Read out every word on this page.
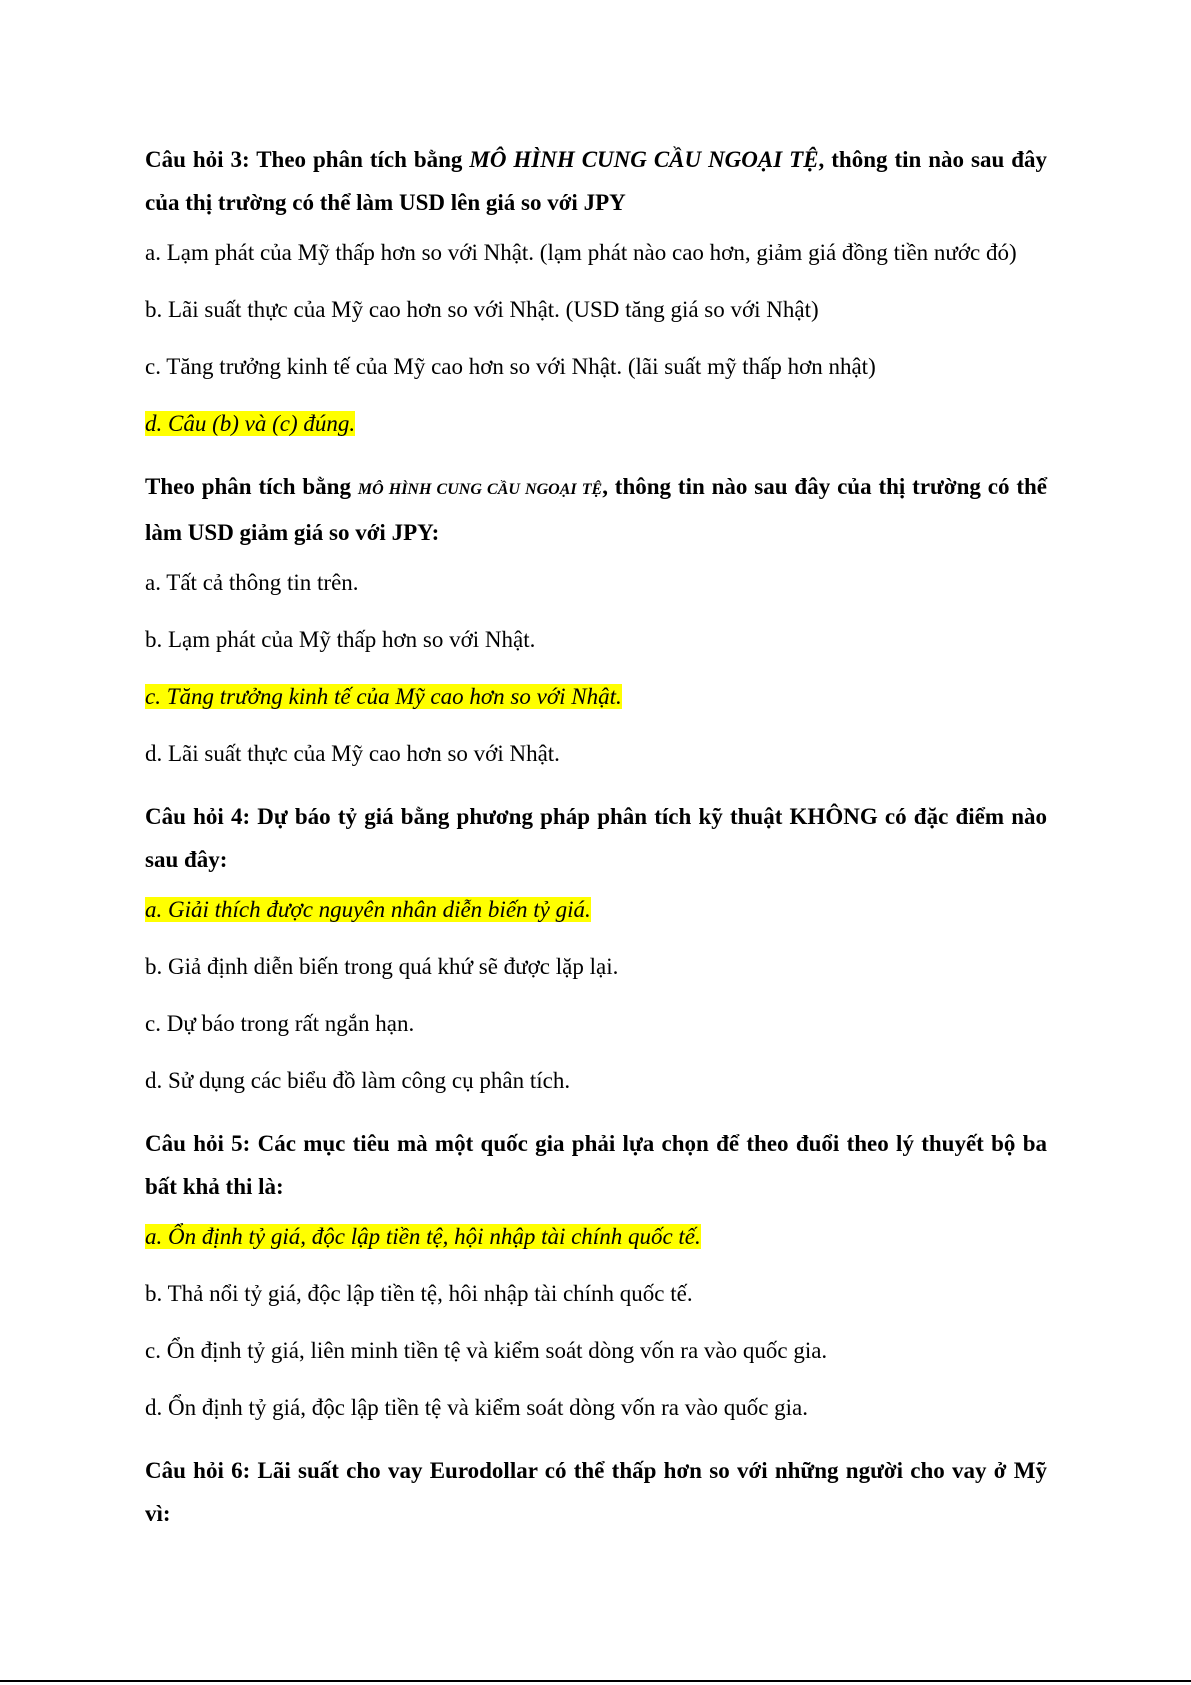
Câu hỏi 3: Theo phân tích bằng MÔ HÌNH CUNG CẦU NGOẠI TỆ, thông tin nào sau đây của thị trường có thể làm USD lên giá so với JPY

a. Lạm phát của Mỹ thấp hơn so với Nhật. (lạm phát nào cao hơn, giảm giá đồng tiền nước đó)

b. Lãi suất thực của Mỹ cao hơn so với Nhật. (USD tăng giá so với Nhật)

c. Tăng trưởng kinh tế của Mỹ cao hơn so với Nhật. (lãi suất mỹ thấp hơn nhật)

d. Câu (b) và (c) đúng.

Theo phân tích bằng MÔ HÌNH CUNG CẦU NGOẠI TỆ, thông tin nào sau đây của thị trường có thể làm USD giảm giá so với JPY:

a. Tất cả thông tin trên.

b. Lạm phát của Mỹ thấp hơn so với Nhật.

c. Tăng trưởng kinh tế của Mỹ cao hơn so với Nhật.

d. Lãi suất thực của Mỹ cao hơn so với Nhật.

Câu hỏi 4: Dự báo tỷ giá bằng phương pháp phân tích kỹ thuật KHÔNG có đặc điểm nào sau đây:

a. Giải thích được nguyên nhân diễn biến tỷ giá.

b. Giả định diễn biến trong quá khứ sẽ được lặp lại.

c. Dự báo trong rất ngắn hạn.

d. Sử dụng các biểu đồ làm công cụ phân tích.

Câu hỏi 5: Các mục tiêu mà một quốc gia phải lựa chọn để theo đuổi theo lý thuyết bộ ba bất khả thi là:

a. Ổn định tỷ giá, độc lập tiền tệ, hội nhập tài chính quốc tế.

b. Thả nổi tỷ giá, độc lập tiền tệ, hôi nhập tài chính quốc tế.

c. Ổn định tỷ giá, liên minh tiền tệ và kiểm soát dòng vốn ra vào quốc gia.

d. Ổn định tỷ giá, độc lập tiền tệ và kiểm soát dòng vốn ra vào quốc gia.

Câu hỏi 6: Lãi suất cho vay Eurodollar có thể thấp hơn so với những người cho vay ở Mỹ vì:
